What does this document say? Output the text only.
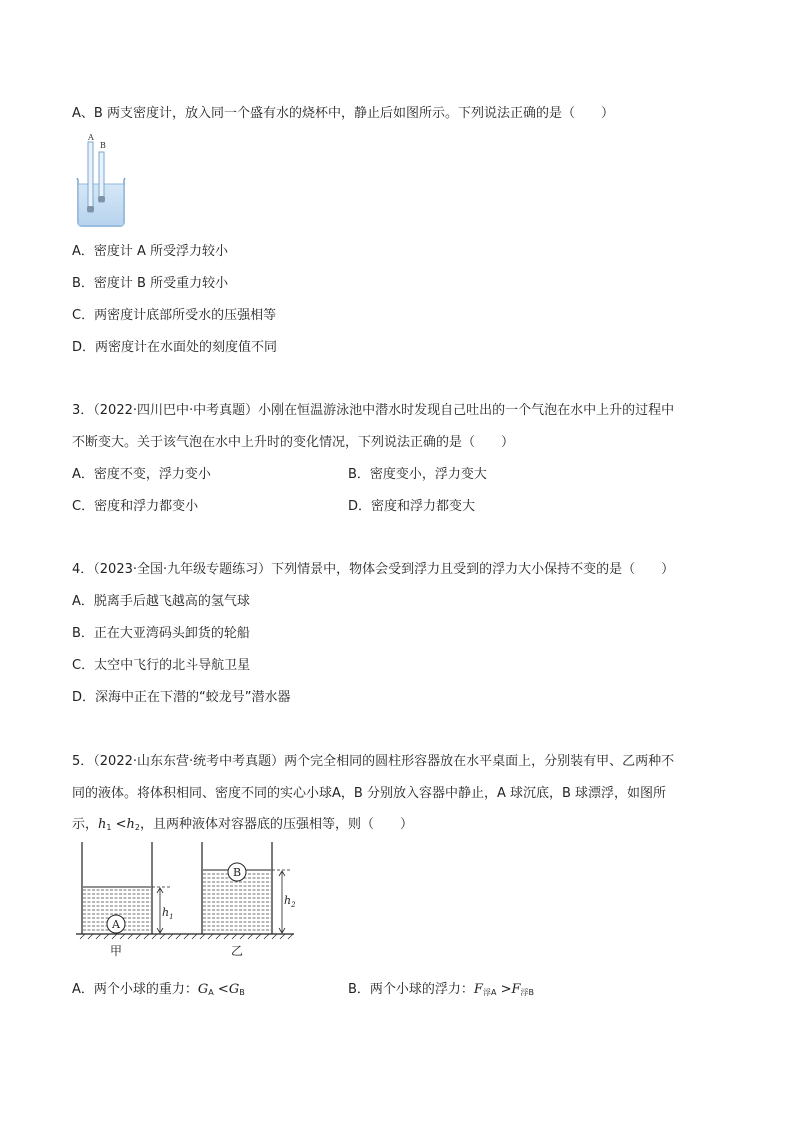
A、B 两支密度计，放入同一个盛有水的烧杯中，静止后如图所示。下列说法正确的是（　　）
A
B
A．密度计 A 所受浮力较小
B．密度计 B 所受重力较小
C．两密度计底部所受水的压强相等
D．两密度计在水面处的刻度值不同
3．（2022·四川巴中·中考真题）小刚在恒温游泳池中潜水时发现自己吐出的一个气泡在水中上升的过程中
不断变大。关于该气泡在水中上升时的变化情况，下列说法正确的是（　　）
A．密度不变，浮力变小	B．密度变小，浮力变大
C．密度和浮力都变小	D．密度和浮力都变大
4．（2023·全国·九年级专题练习）下列情景中，物体会受到浮力且受到的浮力大小保持不变的是（　　）
A．脱离手后越飞越高的氢气球
B．正在大亚湾码头卸货的轮船
C．太空中飞行的北斗导航卫星
D．深海中正在下潜的“蛟龙号”潜水器
5．（2022·山东东营·统考中考真题）两个完全相同的圆柱形容器放在水平桌面上，分别装有甲、乙两种不
同的液体。将体积相同、密度不同的实心小球A，B 分别放入容器中静止，A 球沉底，B 球漂浮，如图所
示，$h_1 <h_2$，且两种液体对容器底的压强相等，则（　　）
A
$h_1$
B
$h_2$
甲	乙
A．两个小球的重力：$G_A <G_B$	B．两个小球的浮力：$F_{浮A} >F_{浮B}$
